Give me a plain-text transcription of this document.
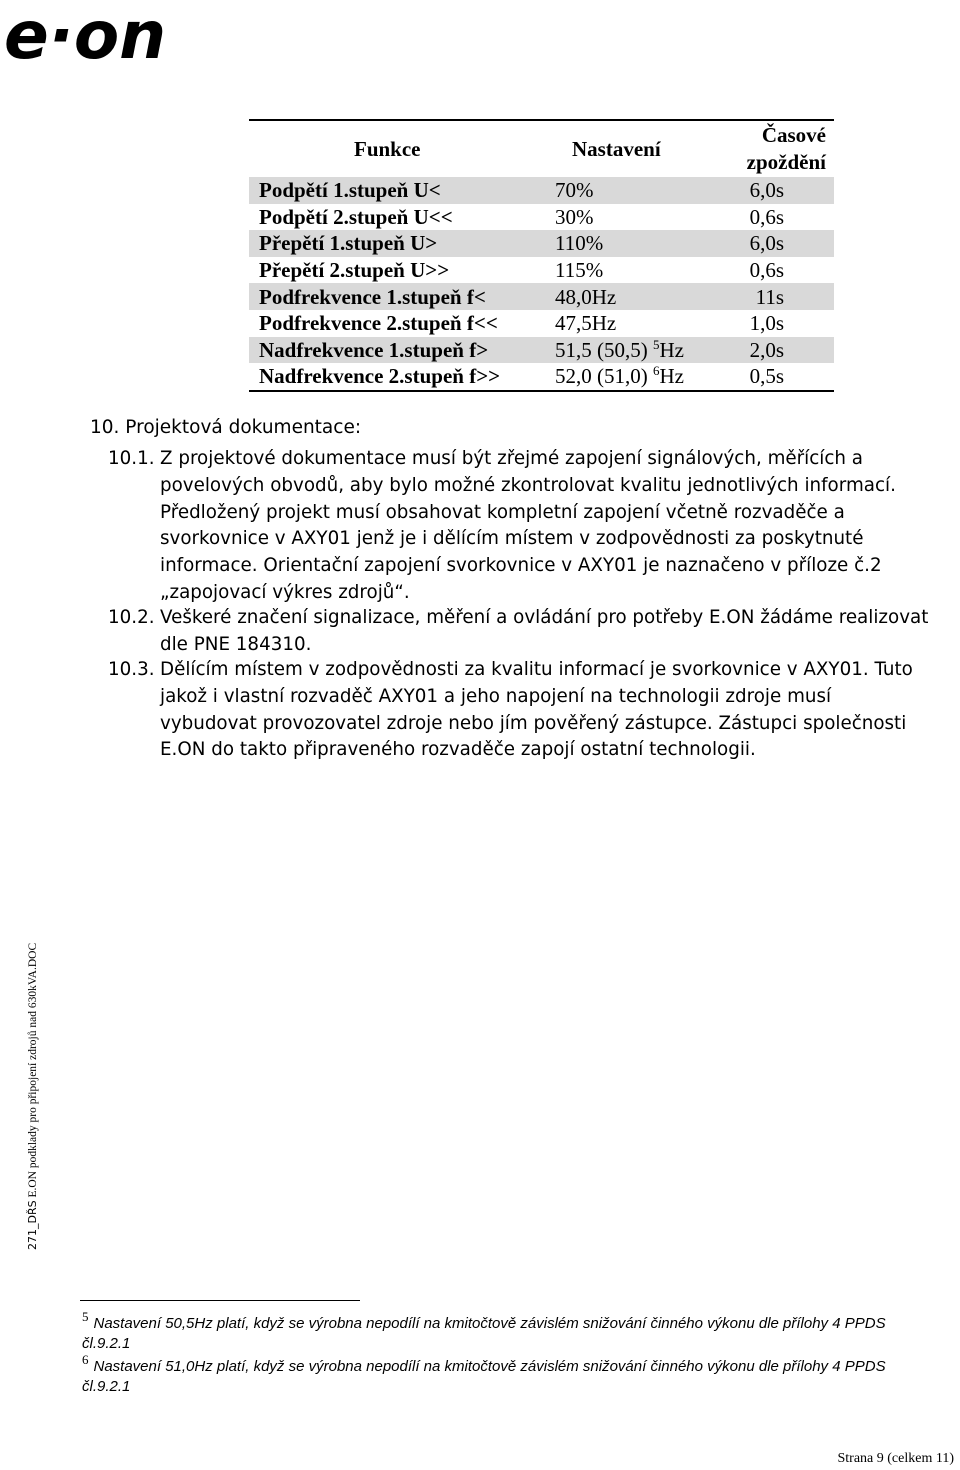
e·on
Funkce	Nastavení	Časové zpoždění
Podpětí 1.stupeň U<	70%	6,0s
Podpětí 2.stupeň U<<	30%	0,6s
Přepětí 1.stupeň U>	110%	6,0s
Přepětí 2.stupeň U>>	115%	0,6s
Podfrekvence 1.stupeň f<	48,0Hz	11s
Podfrekvence 2.stupeň f<<	47,5Hz	1,0s
Nadfrekvence 1.stupeň f>	51,5 (50,5) $^5$Hz	2,0s
Nadfrekvence 2.stupeň f>>	52,0 (51,0) $^6$Hz	0,5s
10. Projektová dokumentace:
10.1. Z projektové dokumentace musí být zřejmé zapojení signálových, měřících a
povelových obvodů, aby bylo možné zkontrolovat kvalitu jednotlivých informací.
Předložený projekt musí obsahovat kompletní zapojení včetně rozvaděče a
svorkovnice v AXY01 jenž je i dělícím místem v zodpovědnosti za poskytnuté
informace. Orientační zapojení svorkovnice v AXY01 je naznačeno v příloze č.2
„zapojovací výkres zdrojů“.
10.2. Veškeré značení signalizace, měření a ovládání pro potřeby E.ON žádáme realizovat
dle PNE 184310.
10.3. Dělícím místem v zodpovědnosti za kvalitu informací je svorkovnice v AXY01. Tuto
jakož i vlastní rozvaděč AXY01 a jeho napojení na technologii zdroje musí
vybudovat provozovatel zdroje nebo jím pověřený zástupce. Zástupci společnosti
E.ON do takto připraveného rozvaděče zapojí ostatní technologii.
271_DŘS E.ON podklady pro připojení zdrojů nad 630kVA.DOC
5 Nastavení 50,5Hz platí, když se výrobna nepodílí na kmitočtově závislém snižování činného výkonu dle přílohy 4 PPDS
čl.9.2.1
6 Nastavení 51,0Hz platí, když se výrobna nepodílí na kmitočtově závislém snižování činného výkonu dle přílohy 4 PPDS
čl.9.2.1
Strana 9 (celkem 11)
